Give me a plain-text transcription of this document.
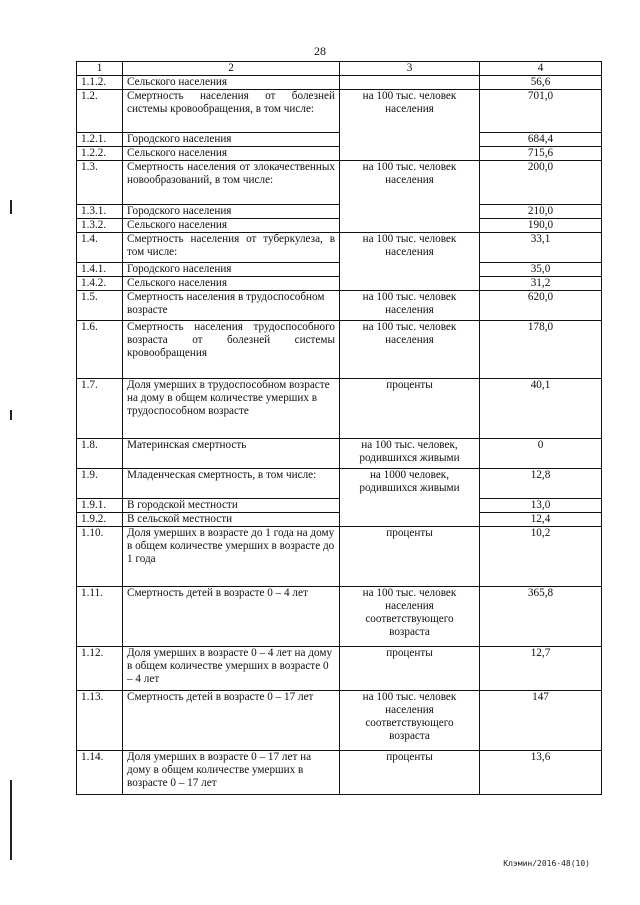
28
1	2	3	4
1.1.2.	Сельского населения		56,6
1.2.	Смертность населения от болезней системы кровообращения, в том числе:	на 100 тыс. человек населения	701,0
1.2.1.	Городского населения		684,4
1.2.2.	Сельского населения		715,6
1.3.	Смертность населения от злокачественных новообразований, в том числе:	на 100 тыс. человек населения	200,0
1.3.1.	Городского населения		210,0
1.3.2.	Сельского населения		190,0
1.4.	Смертность населения от туберкулеза, в том числе:	на 100 тыс. человек населения	33,1
1.4.1.	Городского населения		35,0
1.4.2.	Сельского населения		31,2
1.5.	Смертность населения в трудоспособном возрасте	на 100 тыс. человек населения	620,0
1.6.	Смертность населения трудоспособного возраста от болезней системы кровообращения	на 100 тыс. человек населения	178,0
1.7.	Доля умерших в трудоспособном возрасте на дому в общем количестве умерших в трудоспособном возрасте	проценты	40,1
1.8.	Материнская смертность	на 100 тыс. человек, родившихся живыми	0
1.9.	Младенческая смертность, в том числе:	на 1000 человек, родившихся живыми	12,8
1.9.1.	В городской местности		13,0
1.9.2.	В сельской местности		12,4
1.10.	Доля умерших в возрасте до 1 года на дому в общем количестве умерших в возрасте до 1 года	проценты	10,2
1.11.	Смертность детей в возрасте 0 – 4 лет	на 100 тыс. человек населения соответствующего возраста	365,8
1.12.	Доля умерших в возрасте 0 – 4 лет на дому в общем количестве умерших в возрасте 0 – 4 лет	проценты	12,7
1.13.	Смертность детей в возрасте 0 – 17 лет	на 100 тыс. человек населения соответствующего возраста	147
1.14.	Доля умерших в возрасте 0 – 17 лет на дому в общем количестве умерших в возрасте 0 – 17 лет	проценты	13,6
Клэмин/2016-48(10)
